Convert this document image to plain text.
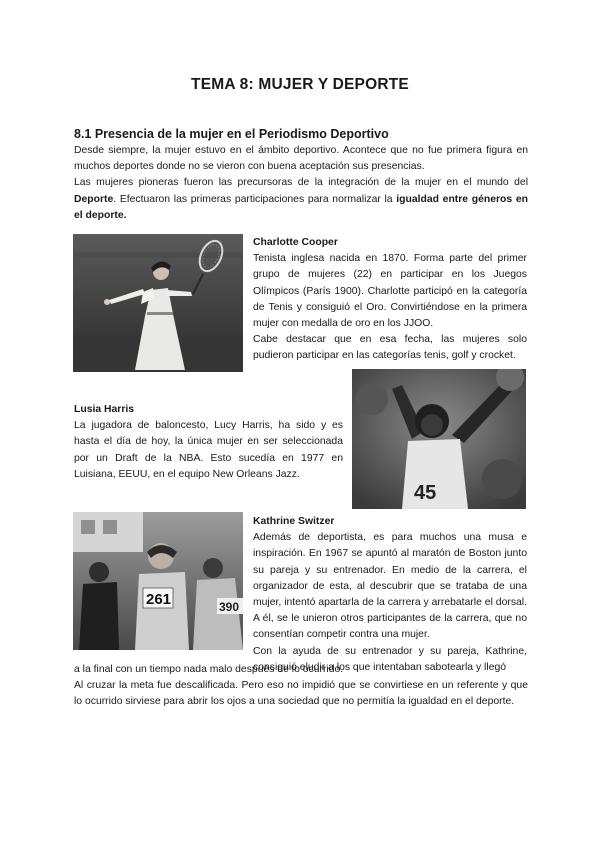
TEMA 8: MUJER Y DEPORTE
8.1 Presencia de la mujer en el Periodismo Deportivo

Desde siempre, la mujer estuvo en el ámbito deportivo. Acontece que no fue primera figura en muchos deportes donde no se vieron con buena aceptación sus presencias.

Las mujeres pioneras fueron las precursoras de la integración de la mujer en el mundo del Deporte. Efectuaron las primeras participaciones para normalizar la igualdad entre géneros en el deporte.

Charlotte Cooper

Tenista inglesa nacida en 1870. Forma parte del primer grupo de mujeres (22) en participar en los Juegos Olímpicos (París 1900). Charlotte participó en la categoría de Tenis y consiguió el Oro. Convirtiéndose en la primera mujer con medalla de oro en los JJOO.

Cabe destacar que en esa fecha, las mujeres solo pudieron participar en las categorías tenis, golf y crocket.

45
Lusia Harris

La jugadora de baloncesto, Lucy Harris, ha sido y es hasta el día de hoy, la única mujer en ser seleccionada por un Draft de la NBA. Esto sucedía en 1977 en Luisiana, EEUU, en el equipo New Orleans Jazz.

261	390
Kathrine Switzer

Además de deportista, es para muchos una musa e inspiración. En 1967 se apuntó al maratón de Boston junto su pareja y su entrenador. En medio de la carrera, el organizador de esta, al descubrir que se trataba de una mujer, intentó apartarla de la carrera y arrebatarle el dorsal. A él, se le unieron otros participantes de la carrera, que no consentían competir contra una mujer.

Con la ayuda de su entrenador y su pareja, Kathrine, consiguió eludir a los que intentaban sabotearla y llegó

a la final con un tiempo nada malo después de lo ocurrido.

Al cruzar la meta fue descalificada. Pero eso no impidió que se convirtiese en un referente y que lo ocurrido sirviese para abrir los ojos a una sociedad que no permitía la igualdad en el deporte.
